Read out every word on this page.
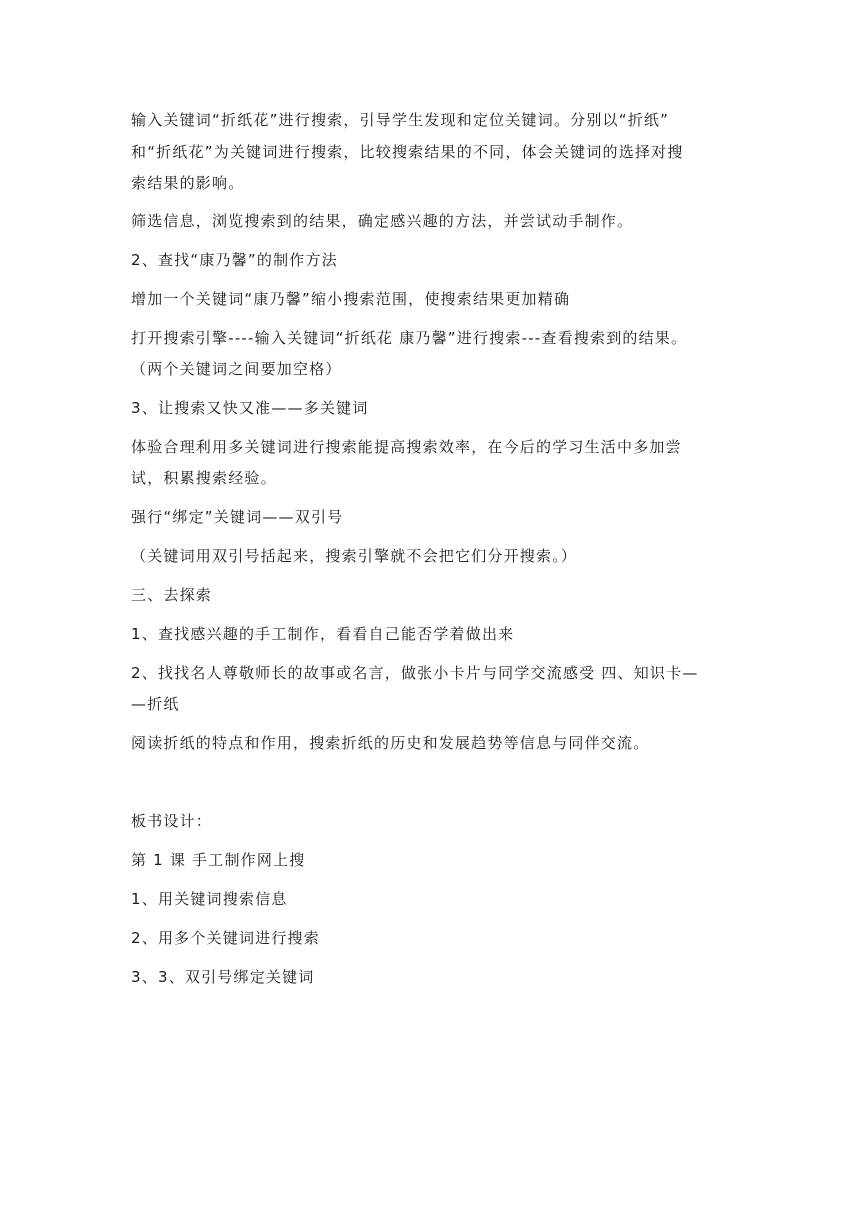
输入关键词“折纸花”进行搜索，引导学生发现和定位关键词。分别以“折纸”
和“折纸花”为关键词进行搜索，比较搜索结果的不同，体会关键词的选择对搜
索结果的影响。
筛选信息，浏览搜索到的结果，确定感兴趣的方法，并尝试动手制作。
2、查找“康乃馨”的制作方法
增加一个关键词“康乃馨”缩小搜索范围，使搜索结果更加精确
打开搜索引擎----输入关键词“折纸花 康乃馨”进行搜索---查看搜索到的结果。
（两个关键词之间要加空格）
3、让搜索又快又准——多关键词
体验合理利用多关键词进行搜索能提高搜索效率，在今后的学习生活中多加尝
试，积累搜索经验。
强行“绑定”关键词——双引号
（关键词用双引号括起来，搜索引擎就不会把它们分开搜索。）
三、去探索
1、查找感兴趣的手工制作，看看自己能否学着做出来
2、找找名人尊敬师长的故事或名言，做张小卡片与同学交流感受 四、知识卡—
—折纸
阅读折纸的特点和作用，搜索折纸的历史和发展趋势等信息与同伴交流。
板书设计：
第 1 课 手工制作网上搜
1、用关键词搜索信息
2、用多个关键词进行搜索
3、3、双引号绑定关键词
